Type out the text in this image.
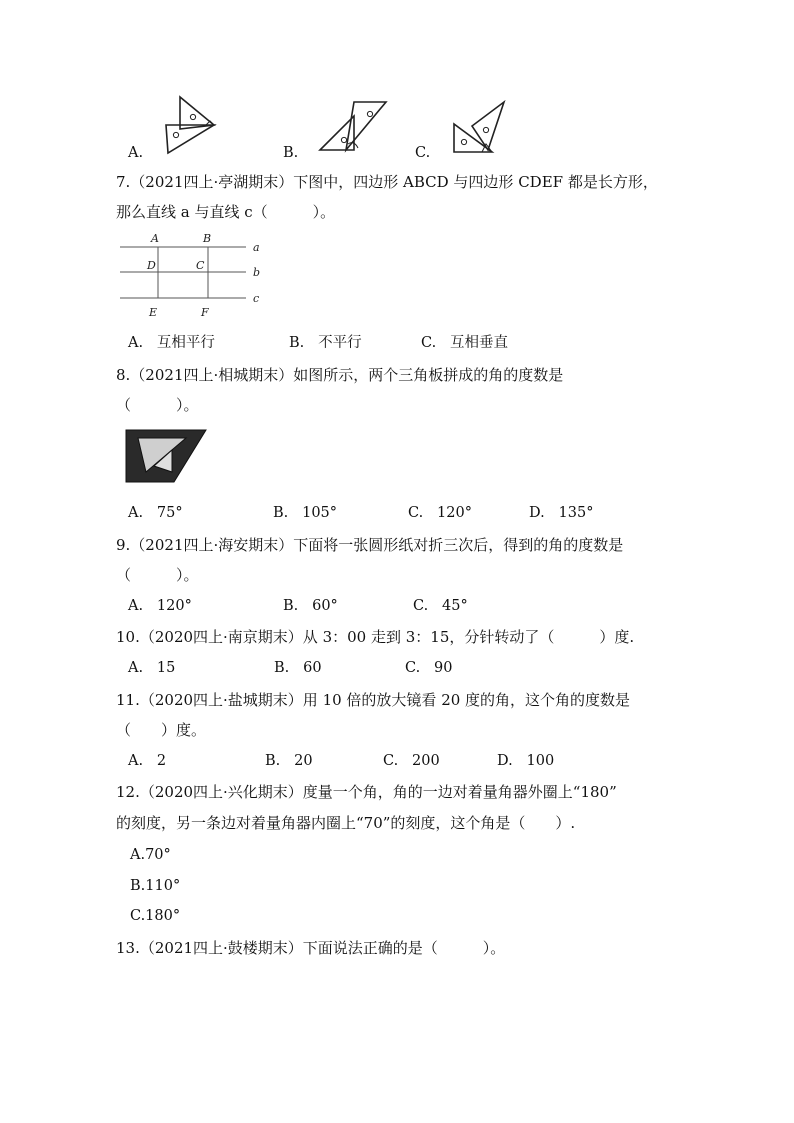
A.	B.	C.
7.（2021四上·亭湖期末）下图中，四边形 ABCD 与四边形 CDEF 都是长方形，
那么直线 a 与直线 c（　　　）。
A	B
D	C
E	F
a
b
c
A. 互相平行	B. 不平行	C. 互相垂直
8.（2021四上·相城期末）如图所示，两个三角板拼成的角的度数是
（　　　）。
A. 75°	B. 105°	C. 120°	D. 135°
9.（2021四上·海安期末）下面将一张圆形纸对折三次后，得到的角的度数是
（　　　）。
A. 120°	B. 60°	C. 45°
10.（2020四上·南京期末）从 3：00 走到 3：15，分针转动了（　　　）度.
A. 15	B. 60	C. 90
11.（2020四上·盐城期末）用 10 倍的放大镜看 20 度的角，这个角的度数是
（　　）度。
A. 2	B. 20	C. 200	D. 100
12.（2020四上·兴化期末）度量一个角，角的一边对着量角器外圈上“180”
的刻度，另一条边对着量角器内圈上“70”的刻度，这个角是（　　）.
A.70°
B.110°
C.180°
13.（2021四上·鼓楼期末）下面说法正确的是（　　　）。
